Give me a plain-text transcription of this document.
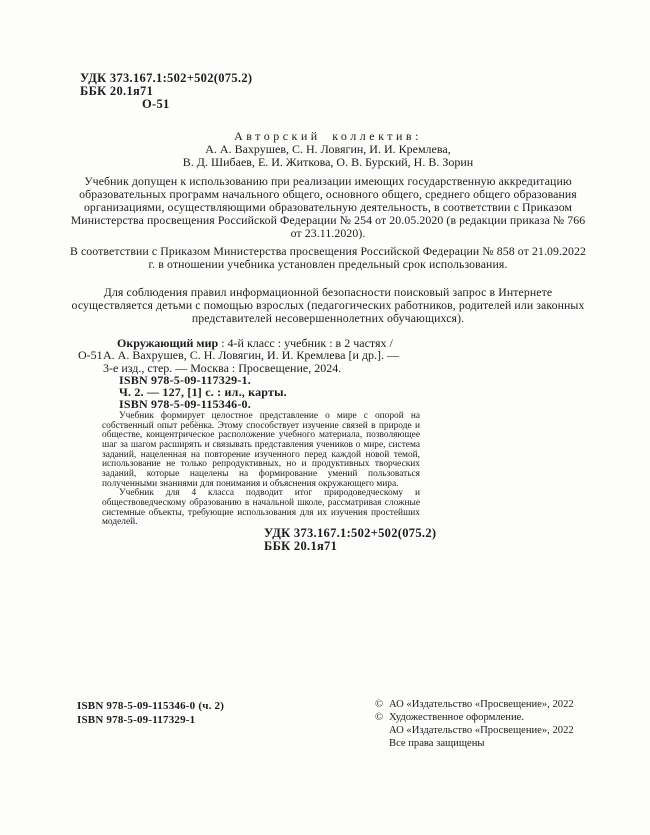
УДК 373.167.1:502+502(075.2)
ББК 20.1я71
О-51
Авторский коллектив:
А. А. Вахрушев, С. Н. Ловягин, И. И. Кремлева,
В. Д. Шибаев, Е. И. Житкова, О. В. Бурский, Н. В. Зорин
Учебник допущен к использованию при реализации имеющих государственную аккредитацию образовательных программ начального общего, основного общего, среднего общего образования организациями, осуществляющими образовательную деятельность, в соответствии с Приказом Министерства просвещения Российской Федерации № 254 от 20.05.2020 (в редакции приказа № 766 от 23.11.2020).
В соответствии с Приказом Министерства просвещения Российской Федерации № 858 от 21.09.2022 г. в отношении учебника установлен предельный срок использования.
Для соблюдения правил информационной безопасности поисковый запрос в Интернете осуществляется детьми с помощью взрослых (педагогических работников, родителей или законных представителей несовершеннолетних обучающихся).
О-51
Окружающий мир : 4-й класс : учебник : в 2 частях /
А. А. Вахрушев, С. Н. Ловягин, И. И. Кремлева [и др.]. —
3-е изд., стер. — Москва : Просвещение, 2024.
ISBN 978-5-09-117329-1.
Ч. 2. — 127, [1] с. : ил., карты.
ISBN 978-5-09-115346-0.

Учебник формирует целостное представление о мире с опорой на собственный опыт ребёнка. Этому способствует изучение связей в природе и обществе, концентрическое расположение учебного материала, позволяющее шаг за шагом расширять и связывать представления учеников о мире, система заданий, нацеленная на повторение изученного перед каждой новой темой, использование не только репродуктивных, но и продуктивных творческих заданий, которые нацелены на формирование умений пользоваться полученными знаниями для понимания и объяснения окружающего мира.

Учебник для 4 класса подводит итог природоведческому и обществоведческому образованию в начальной школе, рассматривая сложные системные объекты, требующие использования для их изучения простейших моделей.

УДК 373.167.1:502+502(075.2)
ББК 20.1я71
ISBN 978-5-09-115346-0 (ч. 2)
ISBN 978-5-09-117329-1
© АО «Издательство «Просвещение», 2022
© Художественное оформление.
АО «Издательство «Просвещение», 2022
Все права защищены
